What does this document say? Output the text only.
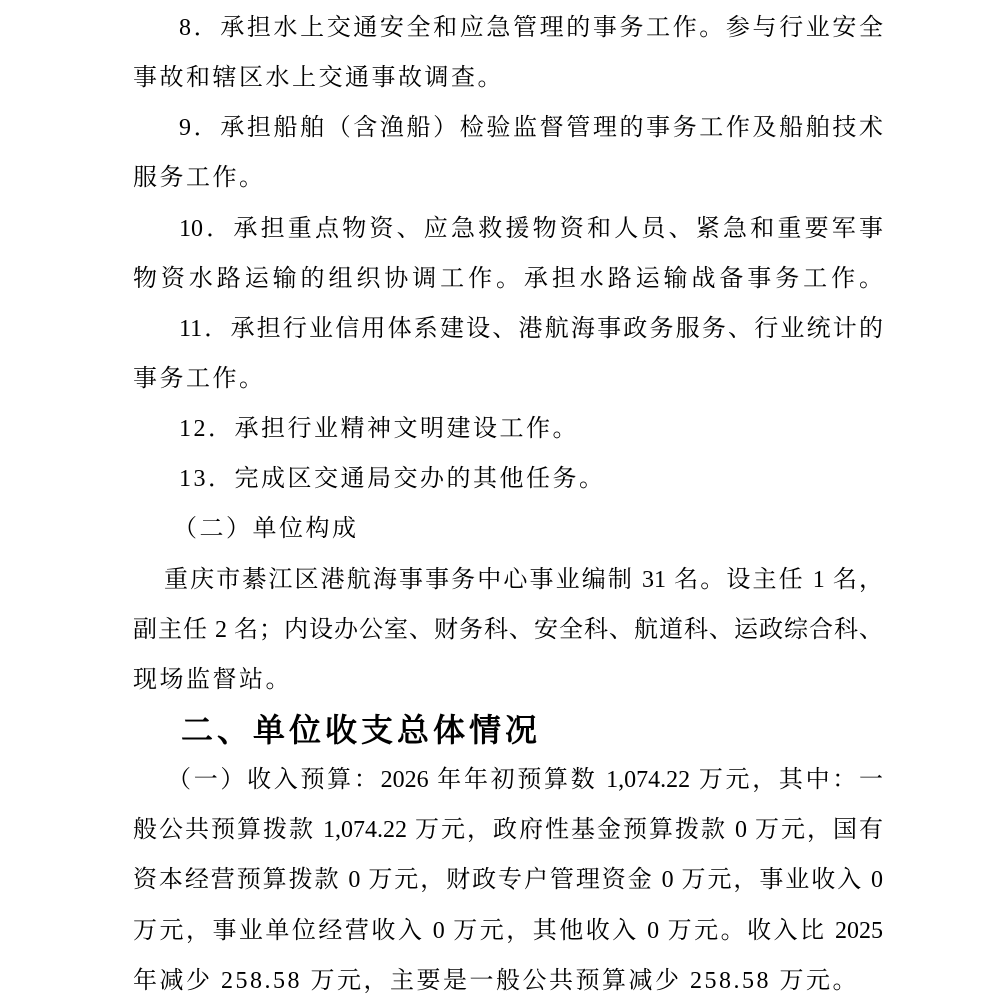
8．承担水上交通安全和应急管理的事务工作。参与行业安全
事故和辖区水上交通事故调查。
9．承担船舶（含渔船）检验监督管理的事务工作及船舶技术
服务工作。
10．承担重点物资、应急救援物资和人员、紧急和重要军事
物资水路运输的组织协调工作。承担水路运输战备事务工作。
11．承担行业信用体系建设、港航海事政务服务、行业统计的
事务工作。
12．承担行业精神文明建设工作。
13．完成区交通局交办的其他任务。
（二）单位构成
重庆市綦江区港航海事事务中心事业编制 31 名。设主任 1 名，
副主任 2 名；内设办公室、财务科、安全科、航道科、运政综合科、
现场监督站。
二、单位收支总体情况
（一）收入预算：2026 年年初预算数 1,074.22 万元，其中：一
般公共预算拨款 1,074.22 万元，政府性基金预算拨款 0 万元，国有
资本经营预算拨款 0 万元，财政专户管理资金 0 万元，事业收入 0
万元，事业单位经营收入 0 万元，其他收入 0 万元。收入比 2025
年减少 258.58 万元，主要是一般公共预算减少 258.58 万元。
